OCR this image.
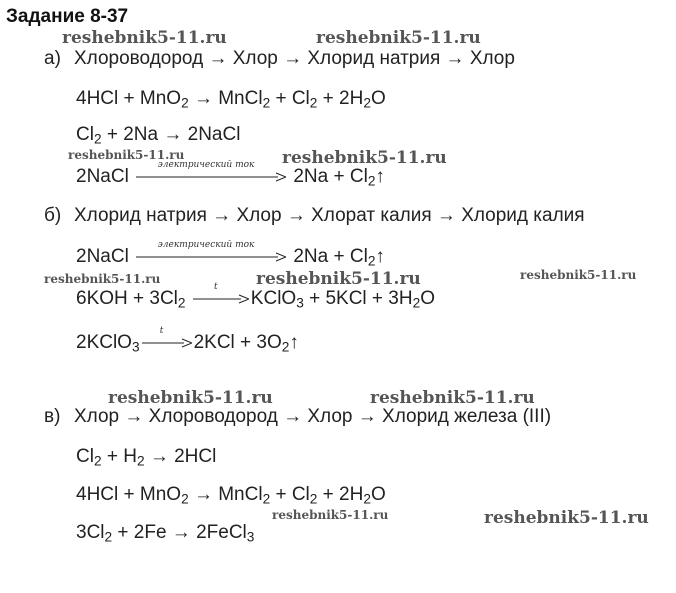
Задание 8-37
reshebnik5-11.ru	reshebnik5-11.ru
reshebnik5-11.ru	reshebnik5-11.ru
reshebnik5-11.ru	reshebnik5-11.ru	reshebnik5-11.ru
reshebnik5-11.ru	reshebnik5-11.ru
reshebnik5-11.ru	reshebnik5-11.ru
а) Хлороводород → Хлор → Хлорид натрия → Хлор
4HCl + MnO$_2$ → MnCl$_2$ + $Cl_2 + 2H_2O$
$Cl_2 + 2Na$ → 2NaCl
2NaCl
электрический ток
$2Na + Cl_2↑$
б) Хлорид натрия → Хлор → Хлорат калия → Хлорид калия
2NaCl
электрический ток
$2Na + Cl_2↑$
$6KOH + 3Cl_2$
t
KClO$_3$ + $5KCl + 3H_2O$
2KClO$_3$
t
$2KCl + 3O_2↑$
в) Хлор → Хлороводород → Хлор → Хлорид железа (III)
$Cl_2 + H_2 \to 2HCl$
4HCl + MnO$_2$ → MnCl$_2$ + $Cl_2 + 2H_2O$
$3Cl_2 + 2Fe$ → 2FeCl$_3$
